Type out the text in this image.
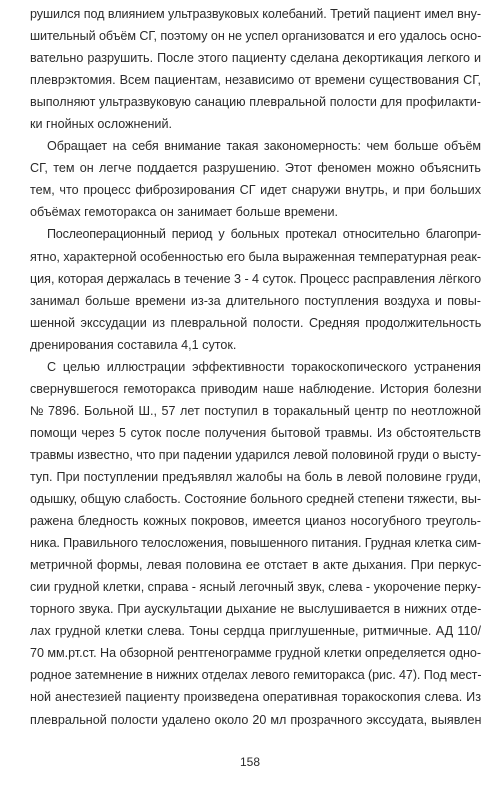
рушился под влиянием ультразвуковых колебаний. Третий пациент имел вну-
шительный объём СГ, поэтому он не успел организоватся и его удалось осно-
вательно разрушить. После этого пациенту сделана декортикация легкого и
плеврэктомия. Всем пациентам, независимо от времени существования СГ,
выполняют ультразвуковую санацию плевральной полости для профилакти-
ки гнойных осложнений.

Обращает на себя внимание такая закономерность: чем больше объём
СГ, тем он легче поддается разрушению. Этот феномен можно объяснить
тем, что процесс фиброзирования СГ идет снаружи внутрь, и при больших
объёмах гемоторакса он занимает больше времени.

Послеоперационный период у больных протекал относительно благопри-
ятно, характерной особенностью его была выраженная температурная реак-
ция, которая держалась в течение 3 - 4 суток. Процесс расправления лёгкого
занимал больше времени из-за длительного поступления воздуха и повы-
шенной экссудации из плевральной полости. Средняя продолжительность
дренирования составила 4,1 суток.

С целью иллюстрации эффективности торакоскопического устранения
свернувшегося гемоторакса приводим наше наблюдение. История болезни
№ 7896. Больной Ш., 57 лет поступил в торакальный центр по неотложной
помощи через 5 суток после получения бытовой травмы. Из обстоятельств
травмы известно, что при падении ударился левой половиной груди о высту-
туп. При поступлении предъявлял жалобы на боль в левой половине груди,
одышку, общую слабость. Состояние больного средней степени тяжести, вы-
ражена бледность кожных покровов, имеется цианоз носогубного треуголь-
ника. Правильного телосложения, повышенного питания. Грудная клетка сим-
метричной формы, левая половина ее отстает в акте дыхания. При перкус-
сии грудной клетки, справа - ясный легочный звук, слева - укорочение перку-
торного звука. При аускультации дыхание не выслушивается в нижних отде-
лах грудной клетки слева. Тоны сердца приглушенные, ритмичные. АД 110/
70 мм.рт.ст. На обзорной рентгенограмме грудной клетки определяется одно-
родное затемнение в нижних отделах левого гемиторакса (рис. 47). Под мест-
ной анестезией пациенту произведена оперативная торакоскопия слева. Из
плевральной полости удалено около 20 мл прозрачного экссудата, выявлен

158
